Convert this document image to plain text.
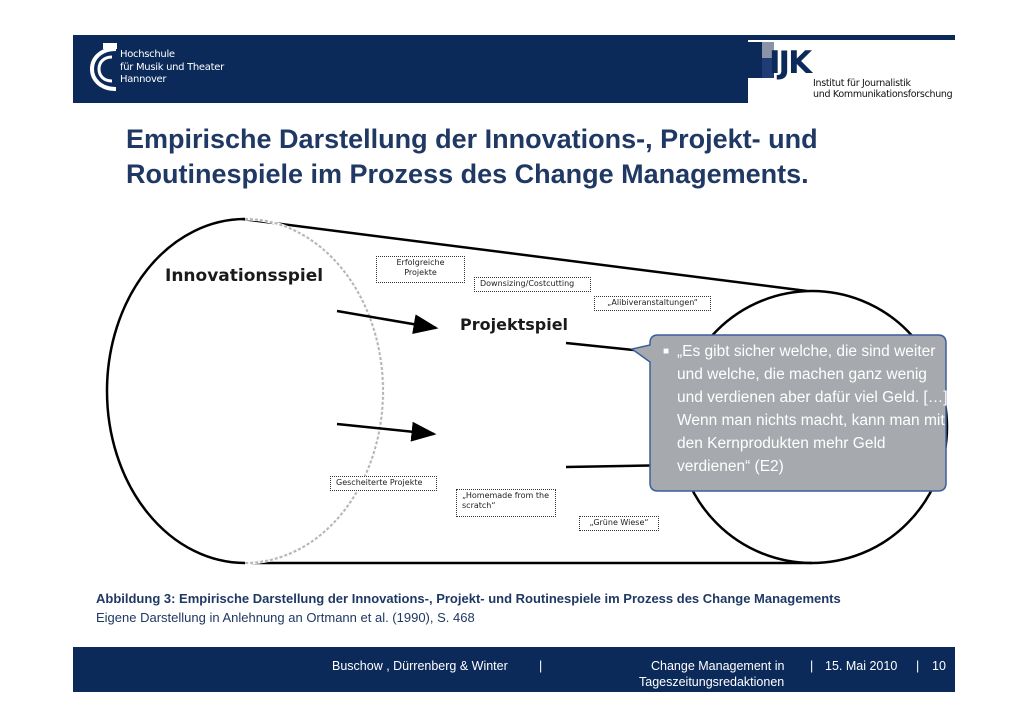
Hochschule
für Musik und Theater
Hannover	IJK
Institut für Journalistik
und Kommunikationsforschung
Empirische Darstellung der Innovations-, Projekt- und
Routinespiele im Prozess des Change Managements.
Innovationsspiel
Projektspiel
Erfolgreiche Projekte
Downsizing/Costcutting
„Alibiveranstaltungen“
Gescheiterte Projekte
„Homemade from the scratch“
„Grüne Wiese“
■ „Es gibt sicher welche, die sind weiter und welche, die machen ganz wenig und verdienen aber dafür viel Geld. […] Wenn man nichts macht, kann man mit den Kernprodukten mehr Geld verdienen“ (E2)
Abbildung 3: Empirische Darstellung der Innovations-, Projekt- und Routinespiele im Prozess des Change Managements
Eigene Darstellung in Anlehnung an Ortmann et al. (1990), S. 468
Buschow , Dürrenberg & Winter |	Change Management in
Tageszeitungsredaktionen
| 15. Mai 2010 | 10
